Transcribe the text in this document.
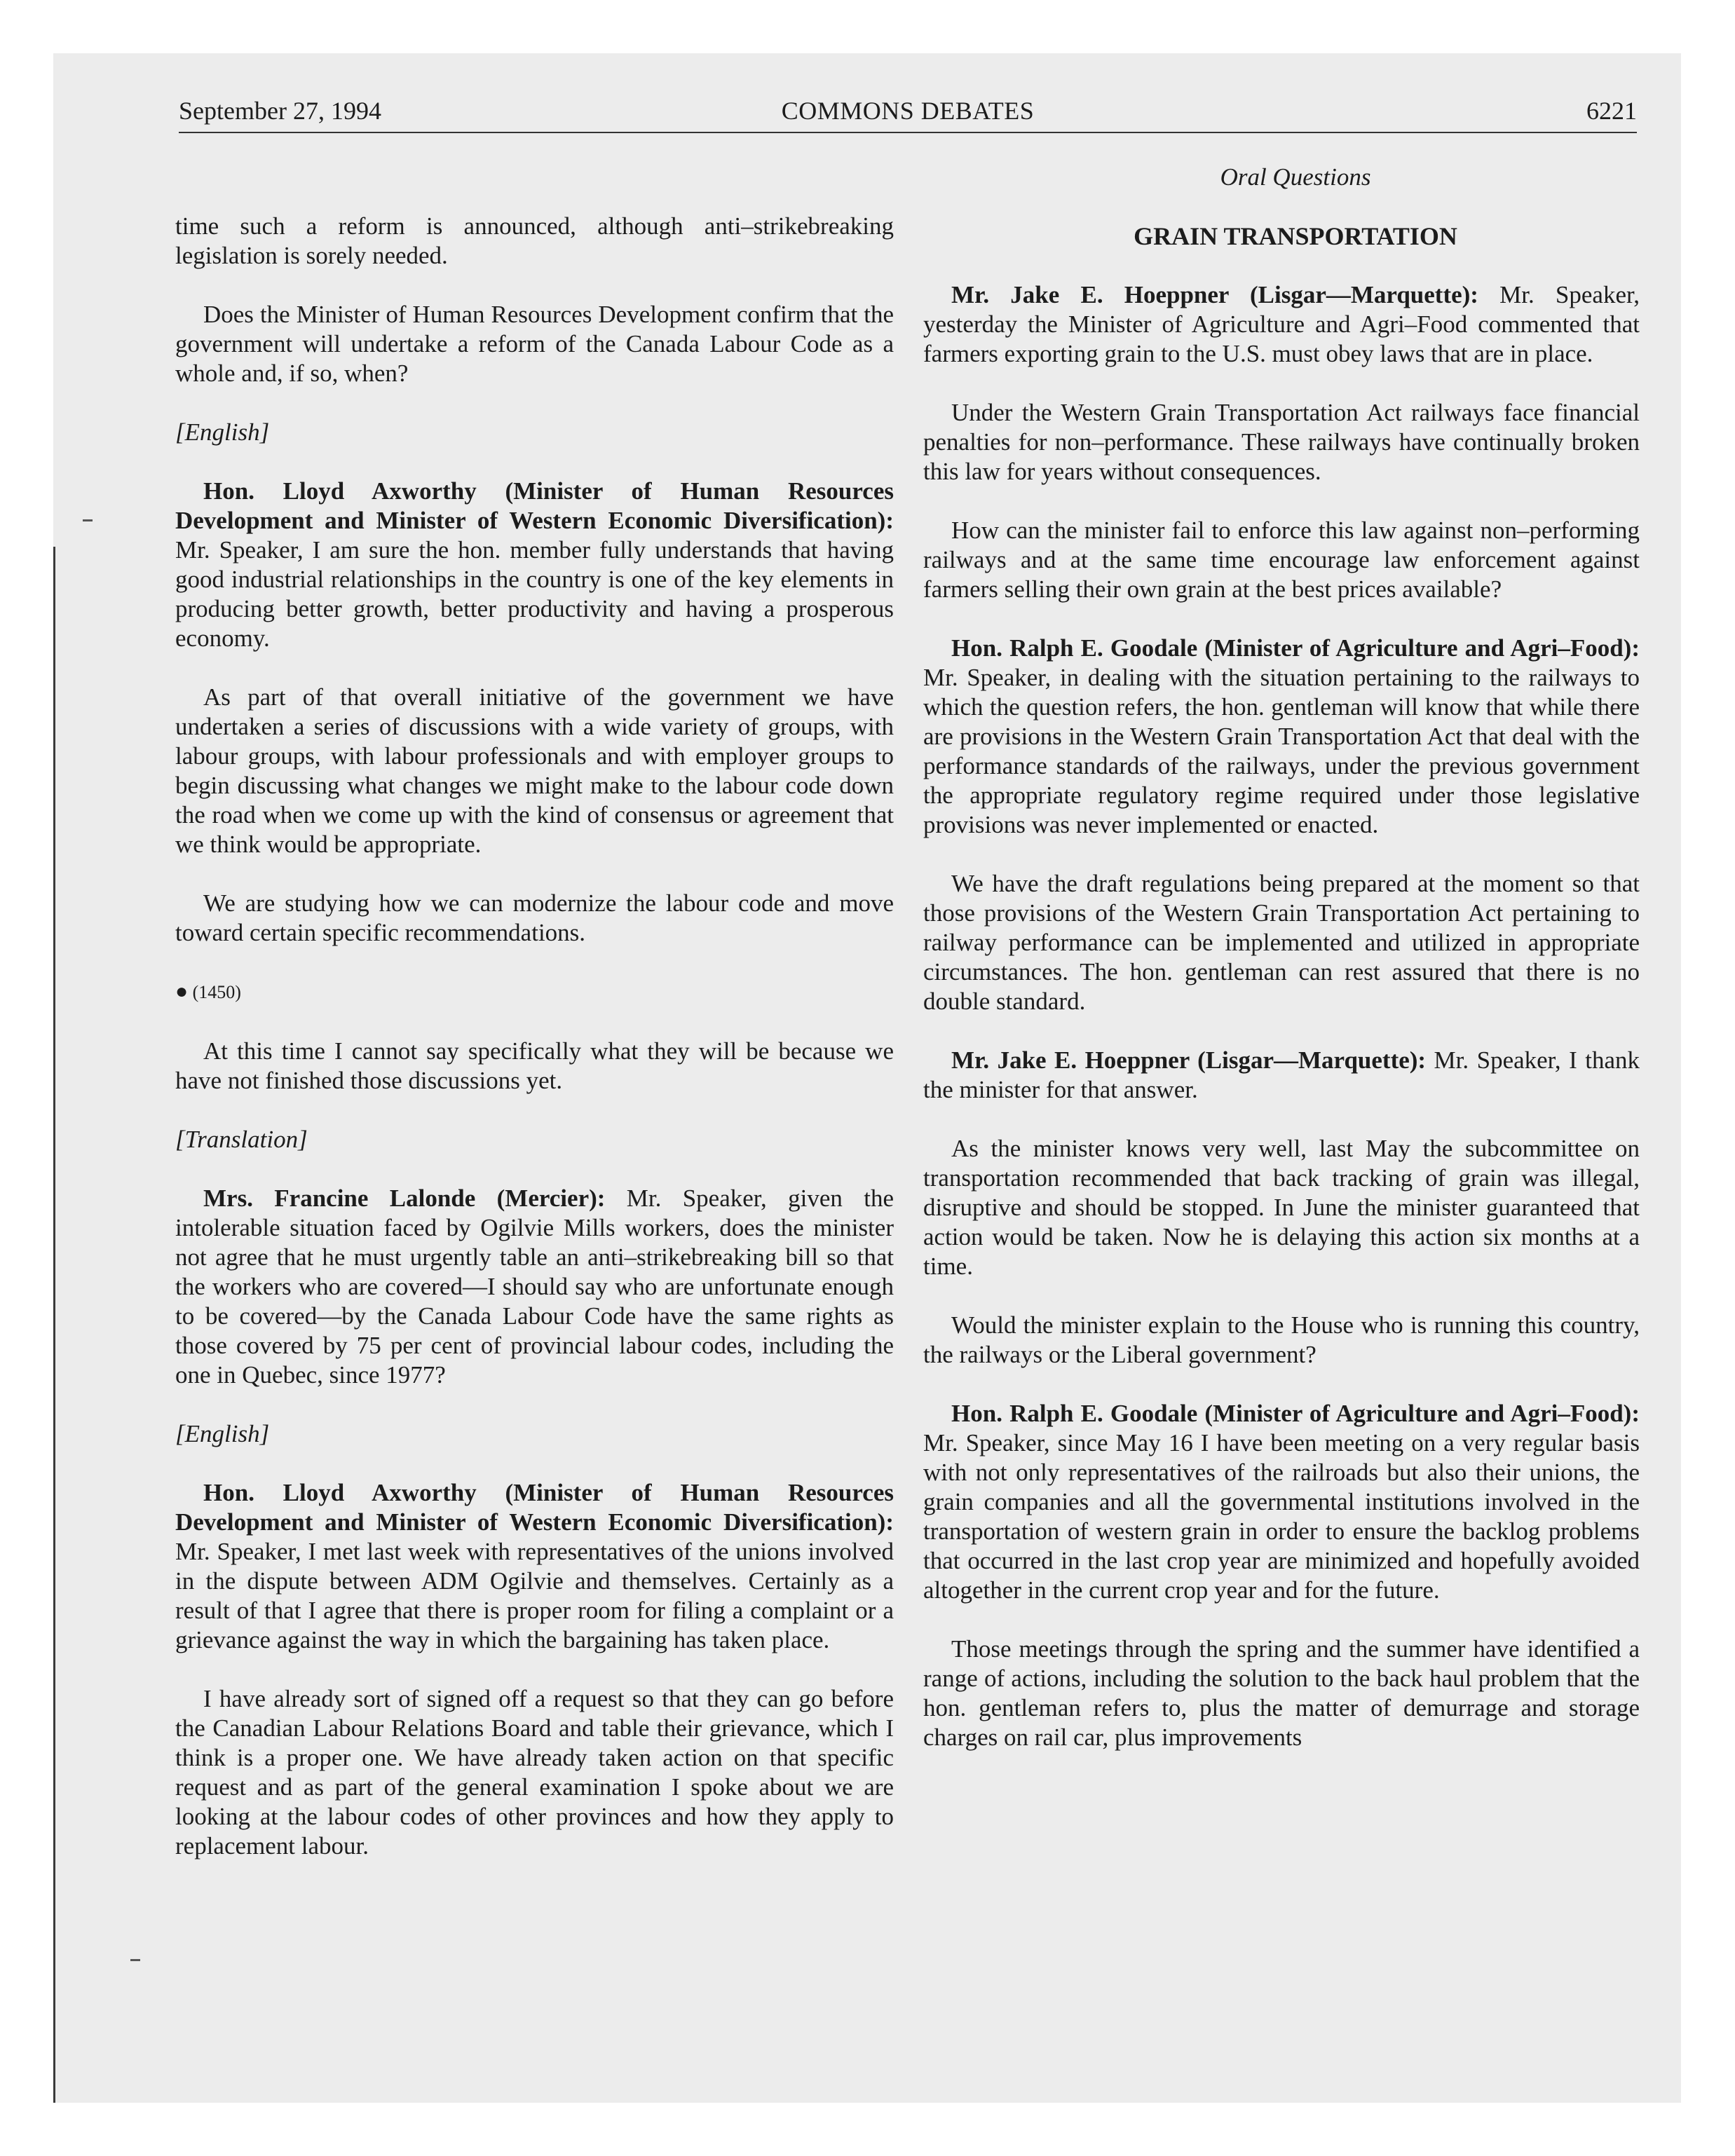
September 27, 1994	COMMONS DEBATES	6221

time such a reform is announced, although anti–strikebreaking legislation is sorely needed.

Does the Minister of Human Resources Development confirm that the government will undertake a reform of the Canada Labour Code as a whole and, if so, when?

[English]

Hon. Lloyd Axworthy (Minister of Human Resources Development and Minister of Western Economic Diversification): Mr. Speaker, I am sure the hon. member fully understands that having good industrial relationships in the country is one of the key elements in producing better growth, better productivity and having a prosperous economy.

As part of that overall initiative of the government we have undertaken a series of discussions with a wide variety of groups, with labour groups, with labour professionals and with employer groups to begin discussing what changes we might make to the labour code down the road when we come up with the kind of consensus or agreement that we think would be appropriate.

We are studying how we can modernize the labour code and move toward certain specific recommendations.

● (1450)

At this time I cannot say specifically what they will be because we have not finished those discussions yet.

[Translation]

Mrs. Francine Lalonde (Mercier): Mr. Speaker, given the intolerable situation faced by Ogilvie Mills workers, does the minister not agree that he must urgently table an anti–strikebreaking bill so that the workers who are covered—I should say who are unfortunate enough to be covered—by the Canada Labour Code have the same rights as those covered by 75 per cent of provincial labour codes, including the one in Quebec, since 1977?

[English]

Hon. Lloyd Axworthy (Minister of Human Resources Development and Minister of Western Economic Diversification): Mr. Speaker, I met last week with representatives of the unions involved in the dispute between ADM Ogilvie and themselves. Certainly as a result of that I agree that there is proper room for filing a complaint or a grievance against the way in which the bargaining has taken place.

I have already sort of signed off a request so that they can go before the Canadian Labour Relations Board and table their grievance, which I think is a proper one. We have already taken action on that specific request and as part of the general examination I spoke about we are looking at the labour codes of other provinces and how they apply to replacement labour.

Oral Questions

GRAIN TRANSPORTATION

Mr. Jake E. Hoeppner (Lisgar—Marquette): Mr. Speaker, yesterday the Minister of Agriculture and Agri–Food commented that farmers exporting grain to the U.S. must obey laws that are in place.

Under the Western Grain Transportation Act railways face financial penalties for non–performance. These railways have continually broken this law for years without consequences.

How can the minister fail to enforce this law against non–performing railways and at the same time encourage law enforcement against farmers selling their own grain at the best prices available?

Hon. Ralph E. Goodale (Minister of Agriculture and Agri–Food): Mr. Speaker, in dealing with the situation pertaining to the railways to which the question refers, the hon. gentleman will know that while there are provisions in the Western Grain Transportation Act that deal with the performance standards of the railways, under the previous government the appropriate regulatory regime required under those legislative provisions was never implemented or enacted.

We have the draft regulations being prepared at the moment so that those provisions of the Western Grain Transportation Act pertaining to railway performance can be implemented and utilized in appropriate circumstances. The hon. gentleman can rest assured that there is no double standard.

Mr. Jake E. Hoeppner (Lisgar—Marquette): Mr. Speaker, I thank the minister for that answer.

As the minister knows very well, last May the subcommittee on transportation recommended that back tracking of grain was illegal, disruptive and should be stopped. In June the minister guaranteed that action would be taken. Now he is delaying this action six months at a time.

Would the minister explain to the House who is running this country, the railways or the Liberal government?

Hon. Ralph E. Goodale (Minister of Agriculture and Agri–Food): Mr. Speaker, since May 16 I have been meeting on a very regular basis with not only representatives of the railroads but also their unions, the grain companies and all the governmental institutions involved in the transportation of western grain in order to ensure the backlog problems that occurred in the last crop year are minimized and hopefully avoided altogether in the current crop year and for the future.

Those meetings through the spring and the summer have identified a range of actions, including the solution to the back haul problem that the hon. gentleman refers to, plus the matter of demurrage and storage charges on rail car, plus improvements
